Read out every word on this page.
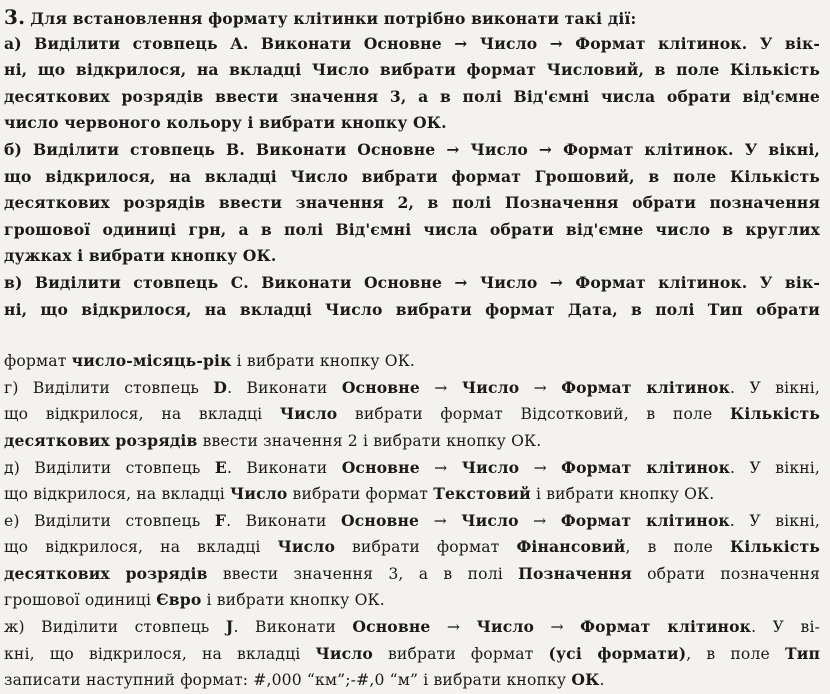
3. Для встановлення формату клітинки потрібно виконати такі дії:
а) Виділити стовпець А. Виконати Основне → Число → Формат клітинок. У вік-
ні, що відкрилося, на вкладці Число вибрати формат Числовий, в поле Кількість
десяткових розрядів ввести значення 3, а в полі Від'ємні числа обрати від'ємне
число червоного кольору і вибрати кнопку ОК.
б) Виділити стовпець В. Виконати Основне → Число → Формат клітинок. У вікні,
що відкрилося, на вкладці Число вибрати формат Грошовий, в поле Кількість
десяткових розрядів ввести значення 2, в полі Позначення обрати позначення
грошової одиниці грн, а в полі Від'ємні числа обрати від'ємне число в круглих
дужках і вибрати кнопку ОК.
в) Виділити стовпець С. Виконати Основне → Число → Формат клітинок. У вік-
ні, що відкрилося, на вкладці Число вибрати формат Дата, в полі Тип обрати
формат число-місяць-рік і вибрати кнопку ОК.
г) Виділити стовпець D. Виконати Основне → Число → Формат клітинок. У вікні,
що відкрилося, на вкладці Число вибрати формат Відсотковий, в поле Кількість
десяткових розрядів ввести значення 2 і вибрати кнопку ОК.
д) Виділити стовпець Е. Виконати Основне → Число → Формат клітинок. У вікні,
що відкрилося, на вкладці Число вибрати формат Текстовий і вибрати кнопку ОК.
е) Виділити стовпець F. Виконати Основне → Число → Формат клітинок. У вікні,
що відкрилося, на вкладці Число вибрати формат Фінансовий, в поле Кількість
десяткових розрядів ввести значення 3, а в полі Позначення обрати позначення
грошової одиниці Євро і вибрати кнопку ОК.
ж) Виділити стовпець J. Виконати Основне → Число → Формат клітинок. У ві-
кні, що відкрилося, на вкладці Число вибрати формат (усі формати), в поле Тип
записати наступний формат: #,000 “км”;-#,0 “м” і вибрати кнопку ОК.
